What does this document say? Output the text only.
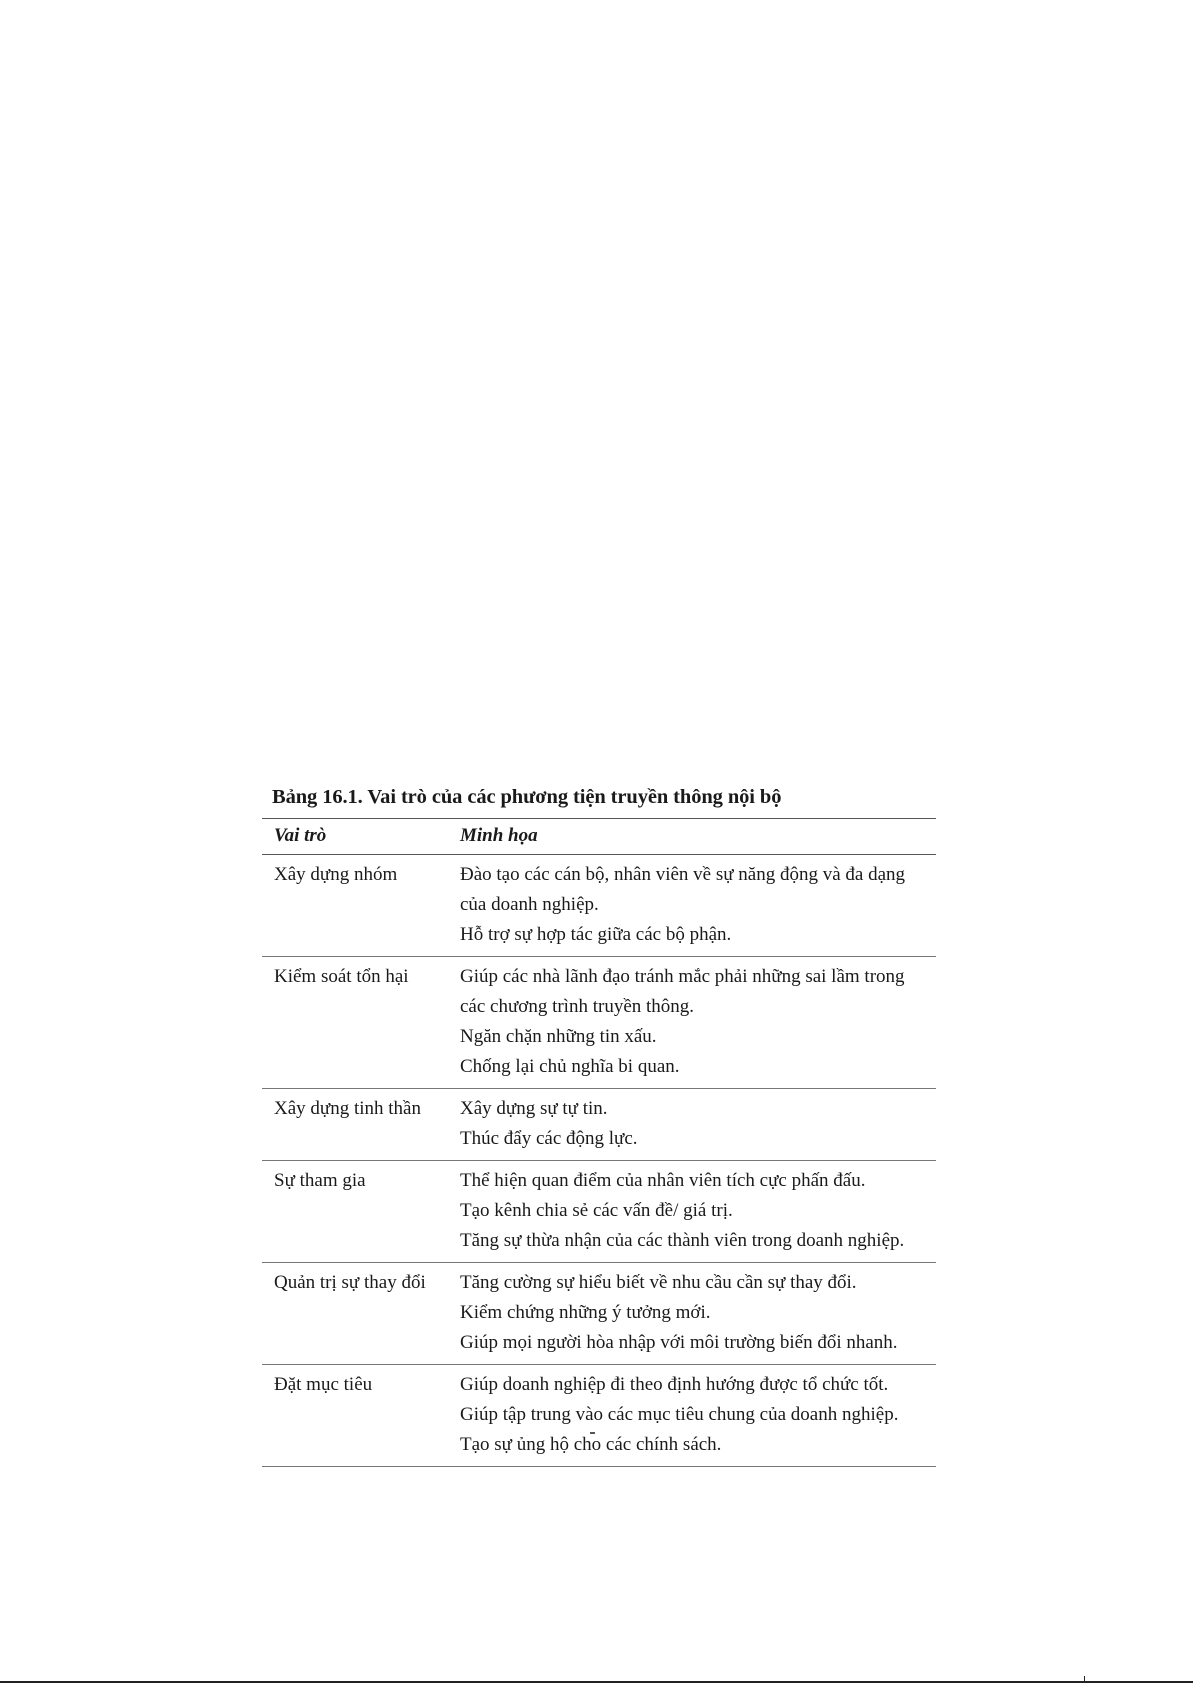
Bảng 16.1. Vai trò của các phương tiện truyền thông nội bộ
Vai trò	Minh họa

Xây dựng nhóm	Đào tạo các cán bộ, nhân viên về sự năng động và đa dạng
của doanh nghiệp.
Hỗ trợ sự hợp tác giữa các bộ phận.

Kiểm soát tổn hại	Giúp các nhà lãnh đạo tránh mắc phải những sai lầm trong
các chương trình truyền thông.
Ngăn chặn những tin xấu.
Chống lại chủ nghĩa bi quan.

Xây dựng tinh thần	Xây dựng sự tự tin.
Thúc đẩy các động lực.

Sự tham gia	Thể hiện quan điểm của nhân viên tích cực phấn đấu.
Tạo kênh chia sẻ các vấn đề/ giá trị.
Tăng sự thừa nhận của các thành viên trong doanh nghiệp.

Quản trị sự thay đổi	Tăng cường sự hiểu biết về nhu cầu cần sự thay đổi.
Kiểm chứng những ý tưởng mới.
Giúp mọi người hòa nhập với môi trường biến đổi nhanh.

Đặt mục tiêu	Giúp doanh nghiệp đi theo định hướng được tổ chức tốt.
Giúp tập trung vào các mục tiêu chung của doanh nghiệp.
Tạo sự ủng hộ cho các chính sách.
